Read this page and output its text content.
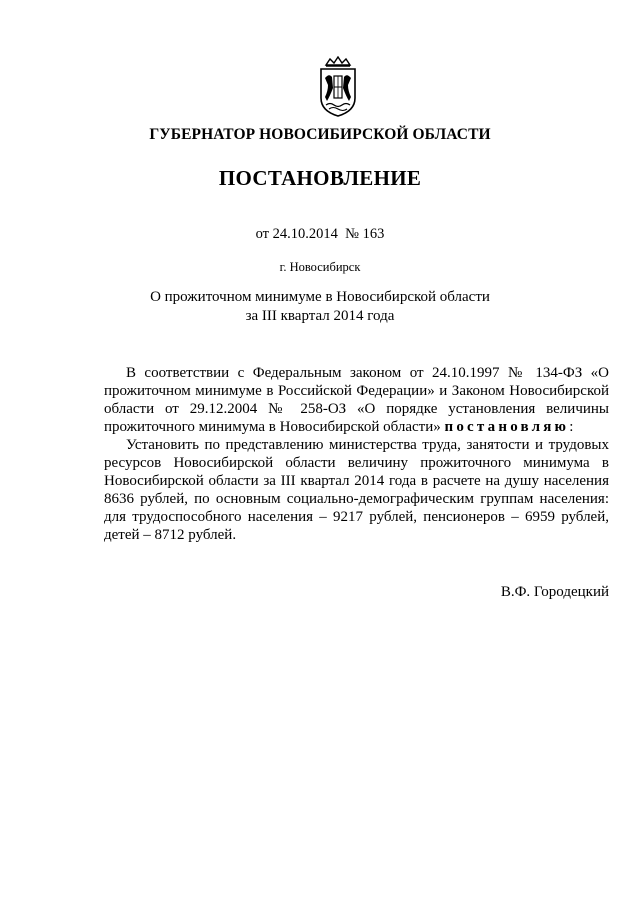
ГУБЕРНАТОР НОВОСИБИРСКОЙ ОБЛАСТИ
ПОСТАНОВЛЕНИЕ
от 24.10.2014  № 163
г. Новосибирск
О прожиточном минимуме в Новосибирской области
за III квартал 2014 года

В соответствии с Федеральным законом от 24.10.1997 № 134-ФЗ «О прожиточном минимуме в Российской Федерации» и Законом Новосибирской области от 29.12.2004 № 258-ОЗ «О порядке установления величины прожиточного минимума в Новосибирской области» постановляю:

Установить по представлению министерства труда, занятости и трудовых ресурсов Новосибирской области величину прожиточного минимума в Новосибирской области за III квартал 2014 года в расчете на душу населения 8636 рублей, по основным социально-демографическим группам населения: для трудоспособного населения – 9217 рублей, пенсионеров – 6959 рублей, детей – 8712 рублей.

В.Ф. Городецкий
